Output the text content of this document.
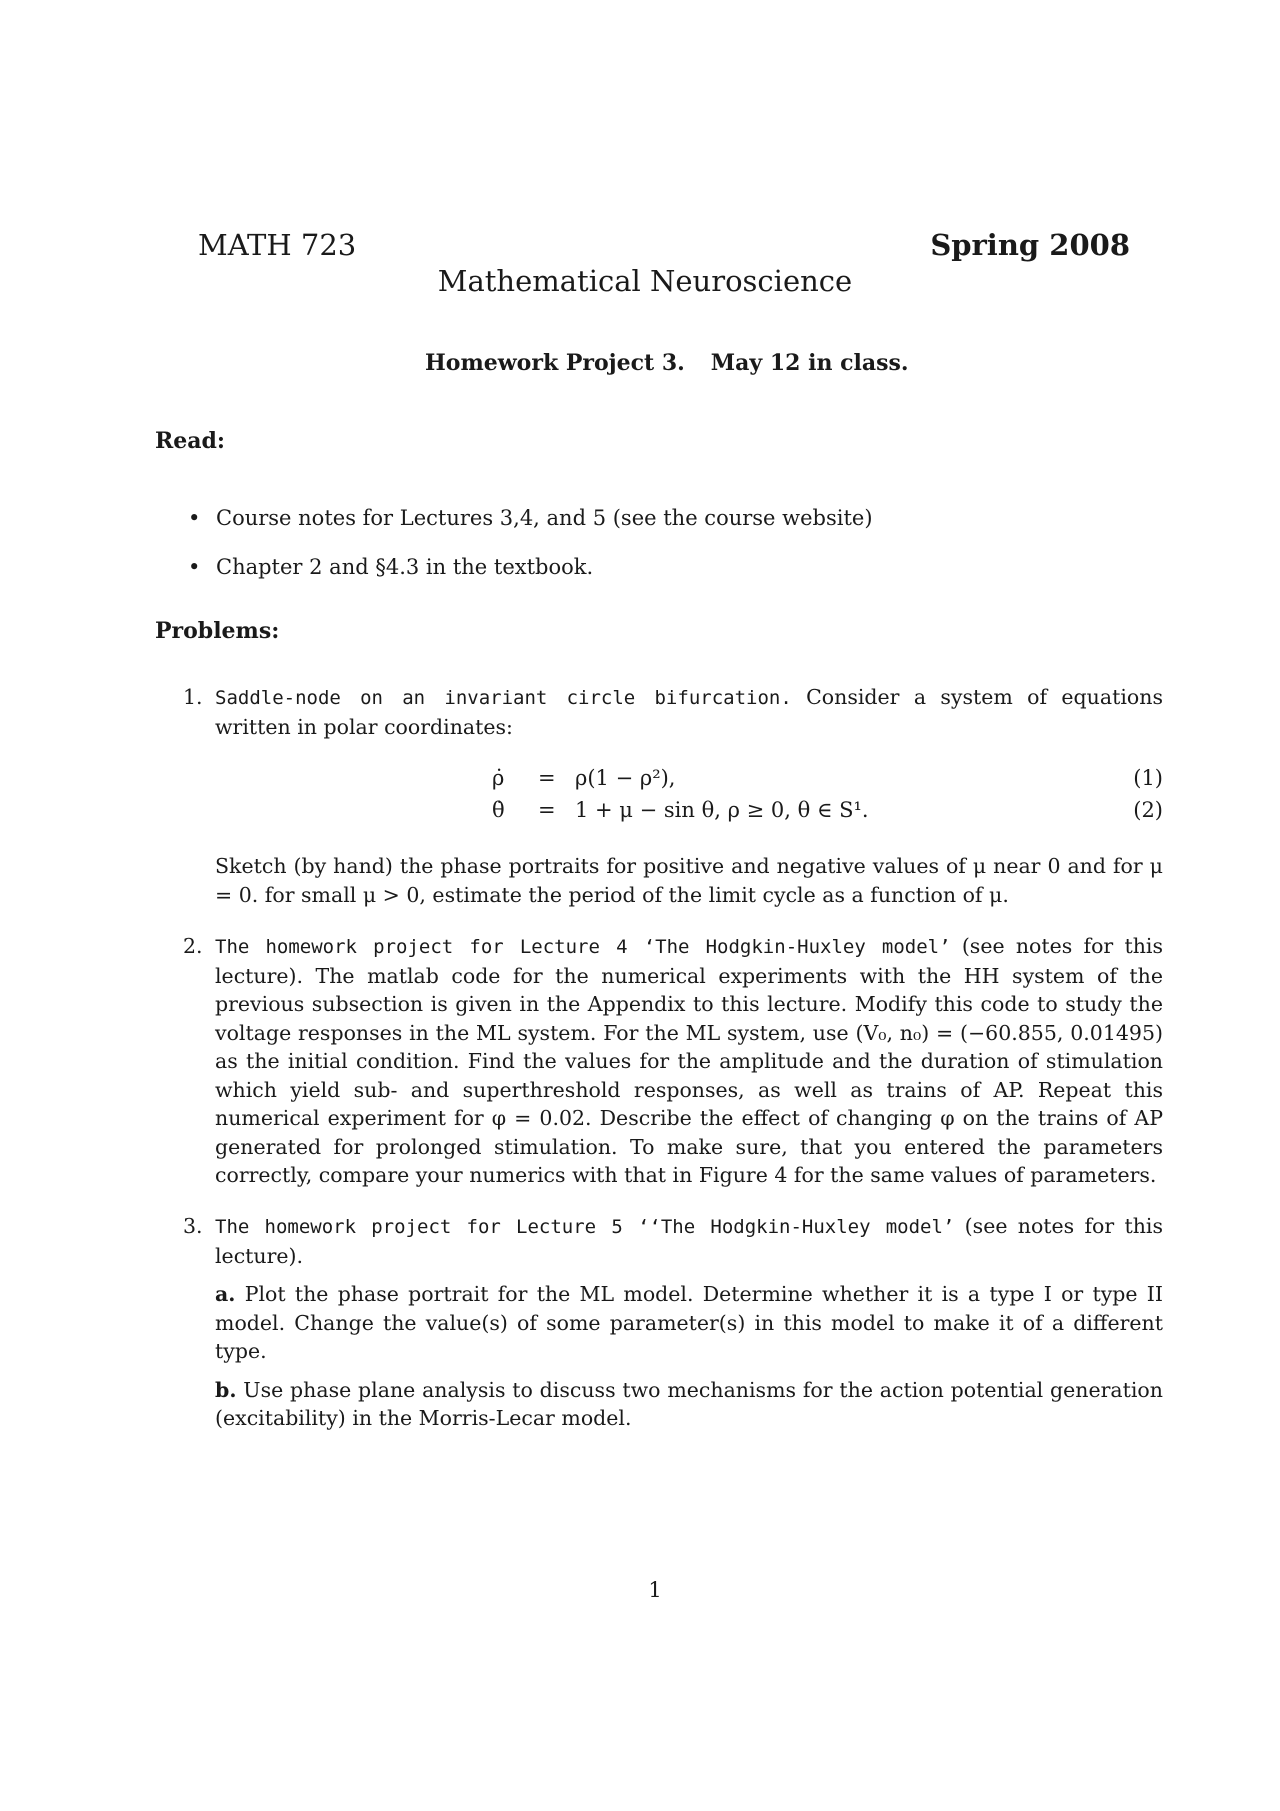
MATH 723	Spring 2008
Mathematical Neuroscience
Homework Project 3. May 12 in class.
Read:
• Course notes for Lectures 3,4, and 5 (see the course website)
• Chapter 2 and §4.3 in the textbook.
Problems:
1. Saddle-node on an invariant circle bifurcation. Consider a system of equations written in polar coordinates:
ρ̇ = ρ(1 − ρ²),	(1)
θ̇ = 1 + μ − sin θ, ρ ≥ 0, θ ∈ S¹.	(2)
Sketch (by hand) the phase portraits for positive and negative values of μ near 0 and for μ = 0. for small μ > 0, estimate the period of the limit cycle as a function of μ.
2. The homework project for Lecture 4 ‘The Hodgkin-Huxley model’ (see notes for this lecture). The matlab code for the numerical experiments with the HH system of the previous subsection is given in the Appendix to this lecture. Modify this code to study the voltage responses in the ML system. For the ML system, use (V₀, n₀) = (−60.855, 0.01495) as the initial condition. Find the values for the amplitude and the duration of stimulation which yield sub- and superthreshold responses, as well as trains of AP. Repeat this numerical experiment for φ = 0.02. Describe the effect of changing φ on the trains of AP generated for prolonged stimulation. To make sure, that you entered the parameters correctly, compare your numerics with that in Figure 4 for the same values of parameters.
3. The homework project for Lecture 5 ‘‘The Hodgkin-Huxley model’ (see notes for this lecture).
a. Plot the phase portrait for the ML model. Determine whether it is a type I or type II model. Change the value(s) of some parameter(s) in this model to make it of a different type.
b. Use phase plane analysis to discuss two mechanisms for the action potential generation (excitability) in the Morris-Lecar model.
1
